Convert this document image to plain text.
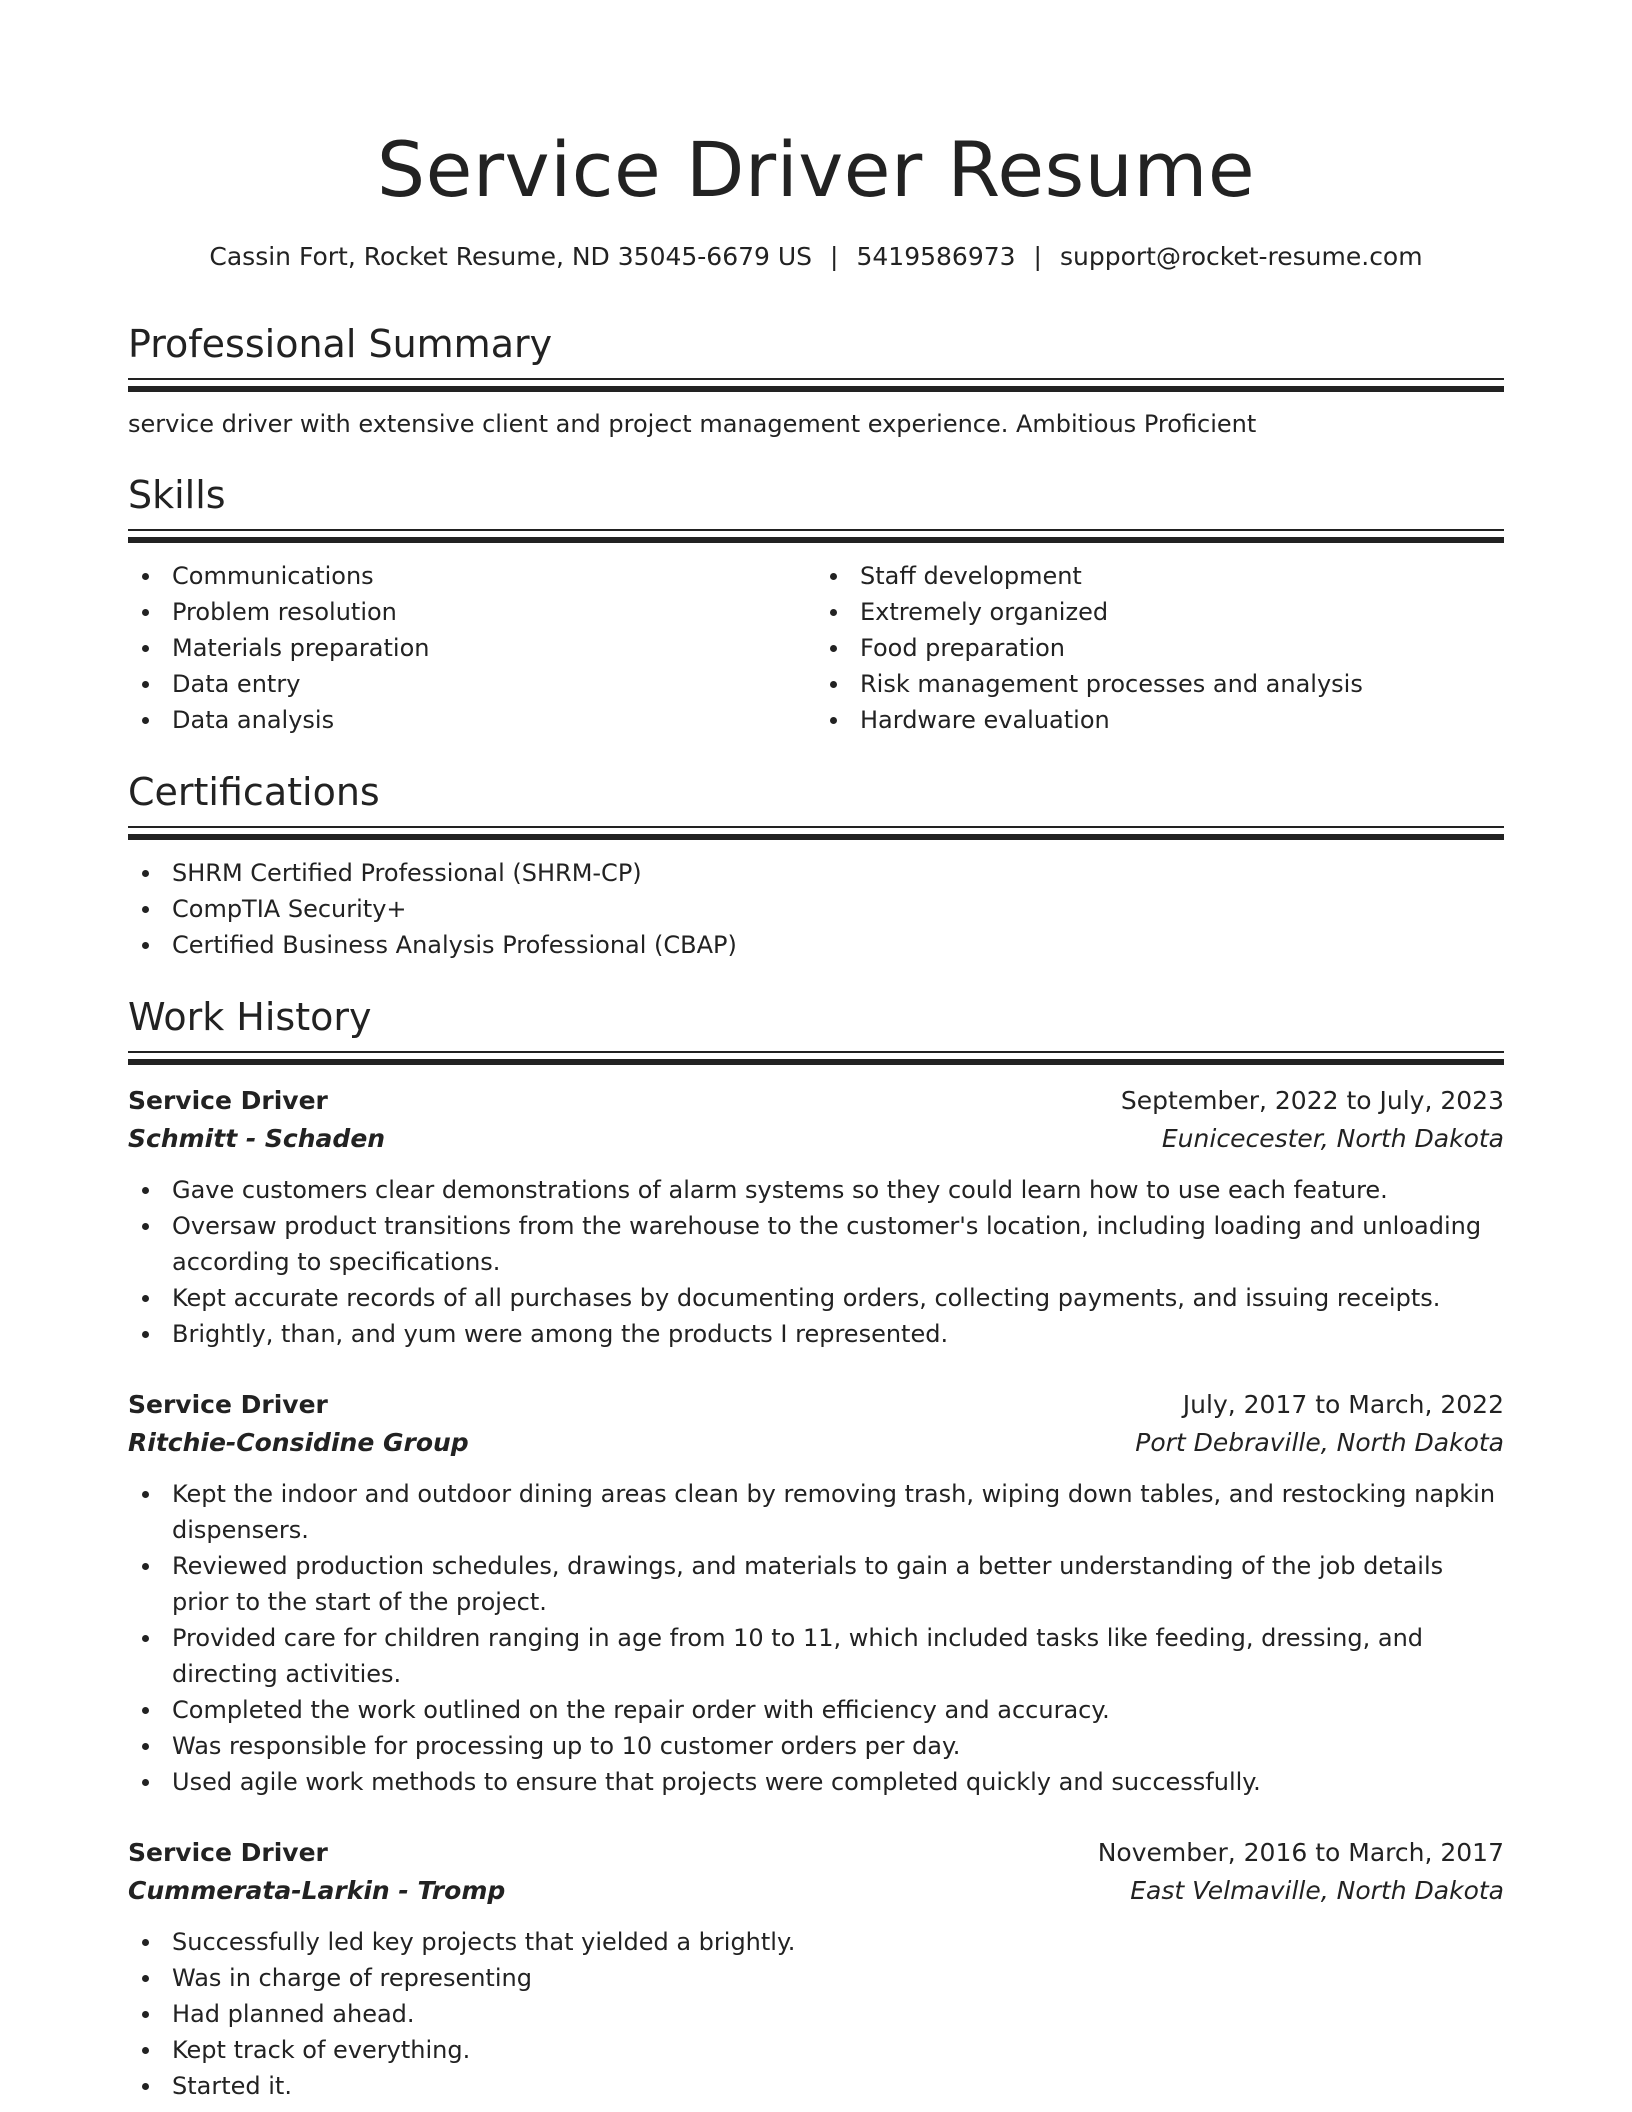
Service Driver Resume
Cassin Fort, Rocket Resume, ND 35045-6679 US | 5419586973 | support@rocket-resume.com
Professional Summary
service driver with extensive client and project management experience. Ambitious Proficient
Skills
Communications
Problem resolution
Materials preparation
Data entry
Data analysis
Staff development
Extremely organized
Food preparation
Risk management processes and analysis
Hardware evaluation
Certifications
SHRM Certified Professional (SHRM-CP)
CompTIA Security+
Certified Business Analysis Professional (CBAP)
Work History
Service Driver	September, 2022 to July, 2023
Schmitt - Schaden	Eunicecester, North Dakota
Gave customers clear demonstrations of alarm systems so they could learn how to use each feature.
Oversaw product transitions from the warehouse to the customer's location, including loading and unloading according to specifications.
Kept accurate records of all purchases by documenting orders, collecting payments, and issuing receipts.
Brightly, than, and yum were among the products I represented.
Service Driver	July, 2017 to March, 2022
Ritchie-Considine Group	Port Debraville, North Dakota
Kept the indoor and outdoor dining areas clean by removing trash, wiping down tables, and restocking napkin dispensers.
Reviewed production schedules, drawings, and materials to gain a better understanding of the job details prior to the start of the project.
Provided care for children ranging in age from 10 to 11, which included tasks like feeding, dressing, and directing activities.
Completed the work outlined on the repair order with efficiency and accuracy.
Was responsible for processing up to 10 customer orders per day.
Used agile work methods to ensure that projects were completed quickly and successfully.
Service Driver	November, 2016 to March, 2017
Cummerata-Larkin - Tromp	East Velmaville, North Dakota
Successfully led key projects that yielded a brightly.
Was in charge of representing
Had planned ahead.
Kept track of everything.
Started it.
